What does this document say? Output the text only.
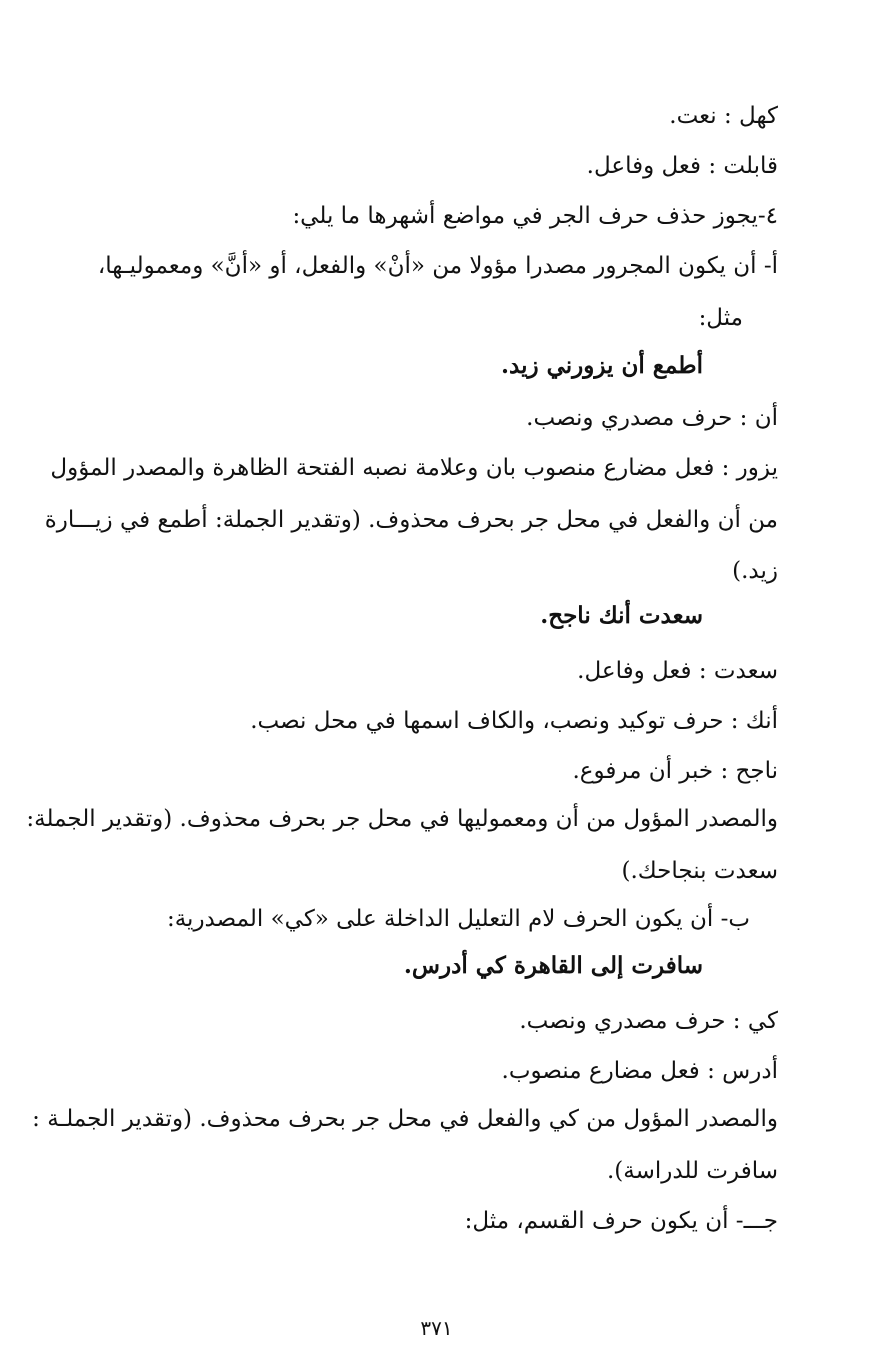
كهل : نعت.
قابلت : فعل وفاعل.
٤-يجوز حذف حرف الجر في مواضع أشهرها ما يلي:
أ- أن يكون المجرور مصدرا مؤولا من «أنْ» والفعل، أو «أنَّ» ومعموليـها،
مثل:
أطمع أن يزورني زيد.
أن : حرف مصدري ونصب.
يزور : فعل مضارع منصوب بان وعلامة نصبه الفتحة الظاهرة والمصدر المؤول
من أن والفعل في محل جر بحرف محذوف. (وتقدير الجملة: أطمع في زيـــارة
زيد.)
سعدت أنك ناجح.
سعدت : فعل وفاعل.
أنك : حرف توكيد ونصب، والكاف اسمها في محل نصب.
ناجح : خبر أن مرفوع.
والمصدر المؤول من أن ومعموليها في محل جر بحرف محذوف. (وتقدير الجملة:
سعدت بنجاحك.)
ب- أن يكون الحرف لام التعليل الداخلة على «كي» المصدرية:
سافرت إلى القاهرة كي أدرس.
كي : حرف مصدري ونصب.
أدرس : فعل مضارع منصوب.
والمصدر المؤول من كي والفعل في محل جر بحرف محذوف. (وتقدير الجملـة :
سافرت للدراسة).
جـــ- أن يكون حرف القسم، مثل:
٣٧١
